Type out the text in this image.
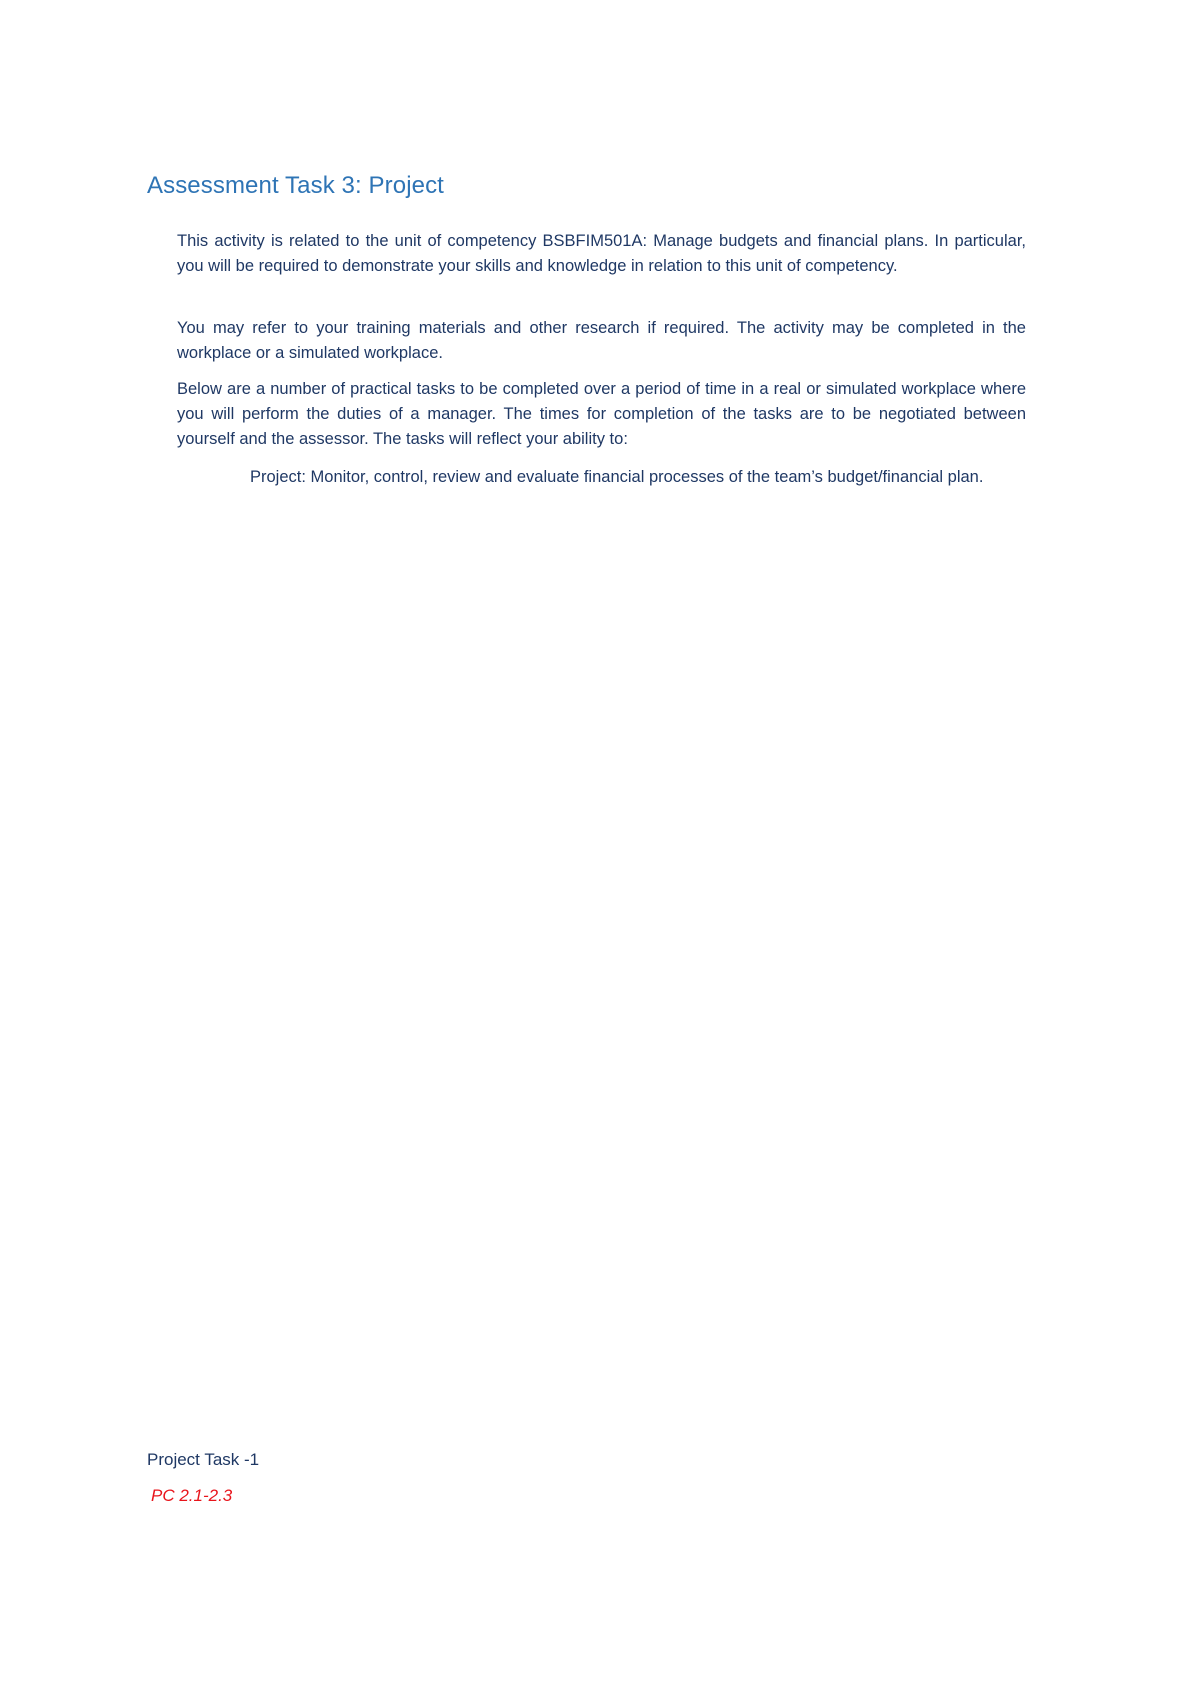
Assessment Task 3: Project

This activity is related to the unit of competency BSBFIM501A: Manage budgets and financial plans. In particular, you will be required to demonstrate your skills and knowledge in relation to this unit of competency.

You may refer to your training materials and other research if required. The activity may be completed in the workplace or a simulated workplace.

Below are a number of practical tasks to be completed over a period of time in a real or simulated workplace where you will perform the duties of a manager. The times for completion of the tasks are to be negotiated between yourself and the assessor. The tasks will reflect your ability to:

Project: Monitor, control, review and evaluate financial processes of the team’s budget/financial plan.

Project Task -1

PC 2.1-2.3
